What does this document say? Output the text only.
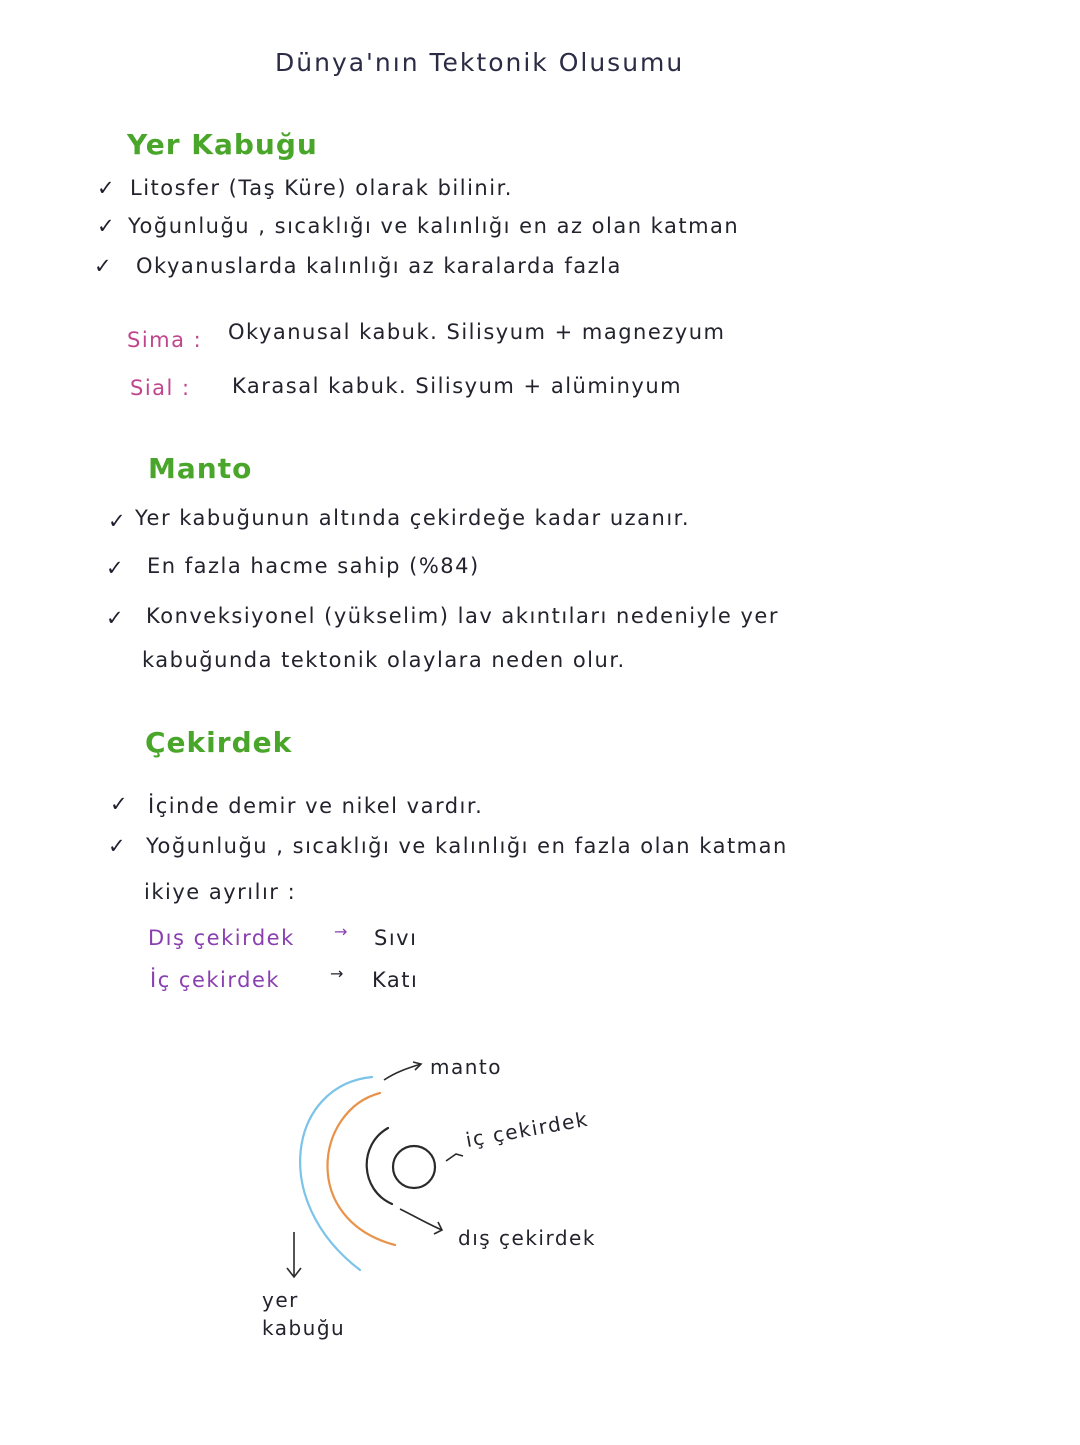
Dünya'nın Tektonik Olusumu
Yer Kabuğu
✓ Litosfer (Taş Küre) olarak bilinir.
✓ Yoğunluğu , sıcaklığı ve kalınlığı en az olan katman
✓ Okyanuslarda kalınlığı az karalarda fazla
Sima : Okyanusal kabuk. Silisyum + magnezyum
Sial : Karasal kabuk. Silisyum + alüminyum
Manto
✓ Yer kabuğunun altında çekirdeğe kadar uzanır.
✓ En fazla hacme sahip (%84)
✓ Konveksiyonel (yükselim) lav akıntıları nedeniyle yer
kabuğunda tektonik olaylara neden olur.
Çekirdek
✓ İçinde demir ve nikel vardır.
✓ Yoğunluğu , sıcaklığı ve kalınlığı en fazla olan katman
ikiye ayrılır :
Dış çekirdek → Sıvı
İç çekirdek	→ Katı
manto
iç çekirdek
dış çekirdek
yer
kabuğu
